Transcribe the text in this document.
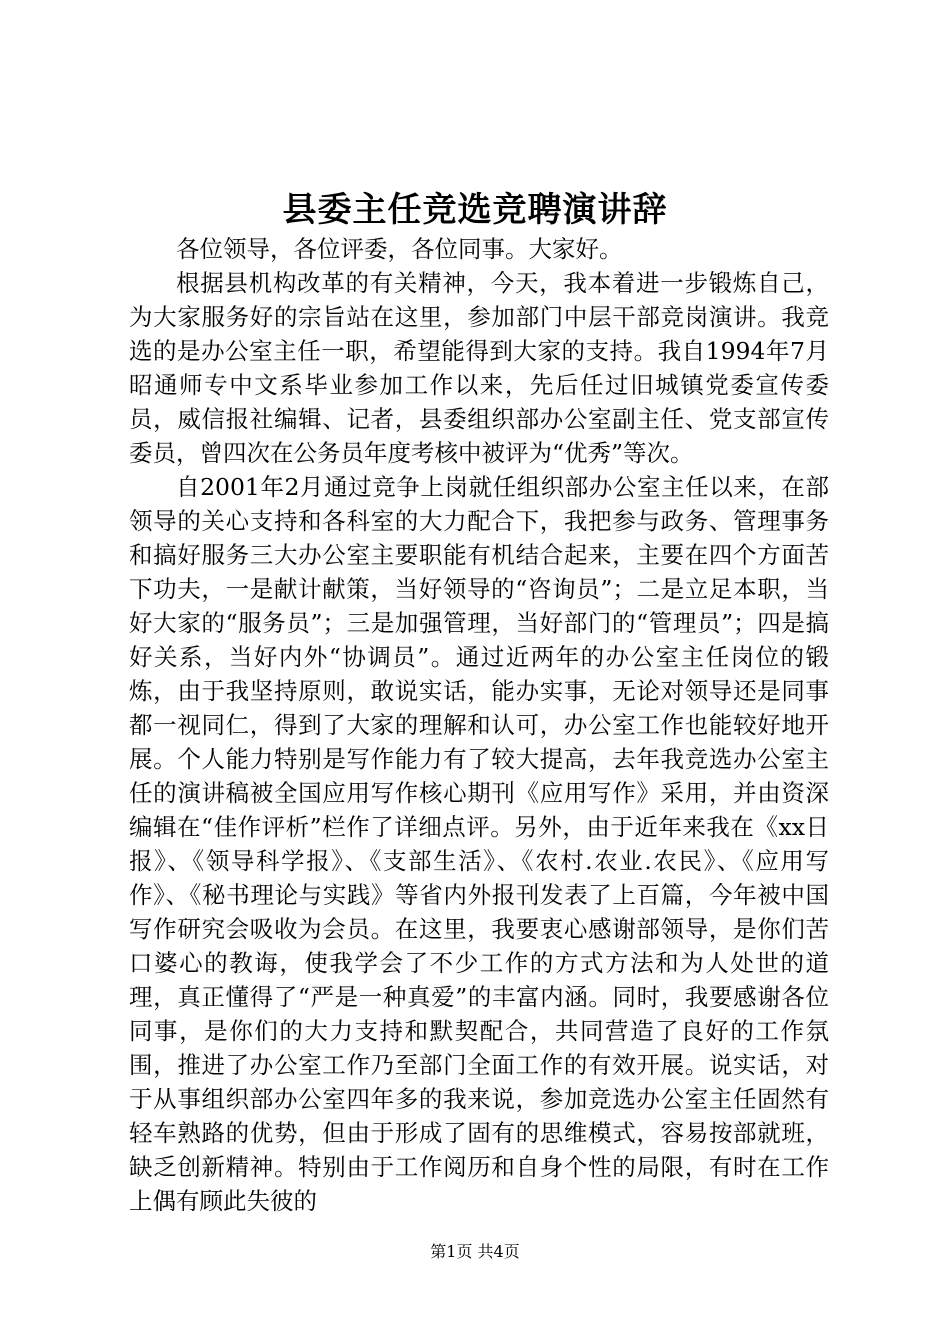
县委主任竞选竞聘演讲辞

各位领导，各位评委，各位同事。大家好。

根据县机构改革的有关精神，今天，我本着进一步锻炼自己，为大家服务好的宗旨站在这里，参加部门中层干部竞岗演讲。我竞选的是办公室主任一职，希望能得到大家的支持。我自1994年7月昭通师专中文系毕业参加工作以来，先后任过旧城镇党委宣传委员，威信报社编辑、记者，县委组织部办公室副主任、党支部宣传委员，曾四次在公务员年度考核中被评为“优秀”等次。

自2001年2月通过竞争上岗就任组织部办公室主任以来，在部领导的关心支持和各科室的大力配合下，我把参与政务、管理事务和搞好服务三大办公室主要职能有机结合起来，主要在四个方面苦下功夫，一是献计献策，当好领导的“咨询员”；二是立足本职，当好大家的“服务员”；三是加强管理，当好部门的“管理员”；四是搞好关系，当好内外“协调员”。通过近两年的办公室主任岗位的锻炼，由于我坚持原则，敢说实话，能办实事，无论对领导还是同事都一视同仁，得到了大家的理解和认可，办公室工作也能较好地开展。个人能力特别是写作能力有了较大提高，去年我竞选办公室主任的演讲稿被全国应用写作核心期刊《应用写作》采用，并由资深编辑在“佳作评析”栏作了详细点评。另外，由于近年来我在《xx日报》、《领导科学报》、《支部生活》、《农村.农业.农民》、《应用写作》、《秘书理论与实践》等省内外报刊发表了上百篇，今年被中国写作研究会吸收为会员。在这里，我要衷心感谢部领导，是你们苦口婆心的教诲，使我学会了不少工作的方式方法和为人处世的道理，真正懂得了“严是一种真爱”的丰富内涵。同时，我要感谢各位同事，是你们的大力支持和默契配合，共同营造了良好的工作氛围，推进了办公室工作乃至部门全面工作的有效开展。说实话，对于从事组织部办公室四年多的我来说，参加竞选办公室主任固然有轻车熟路的优势，但由于形成了固有的思维模式，容易按部就班，缺乏创新精神。特别由于工作阅历和自身个性的局限，有时在工作上偶有顾此失彼的

第1页 共4页
